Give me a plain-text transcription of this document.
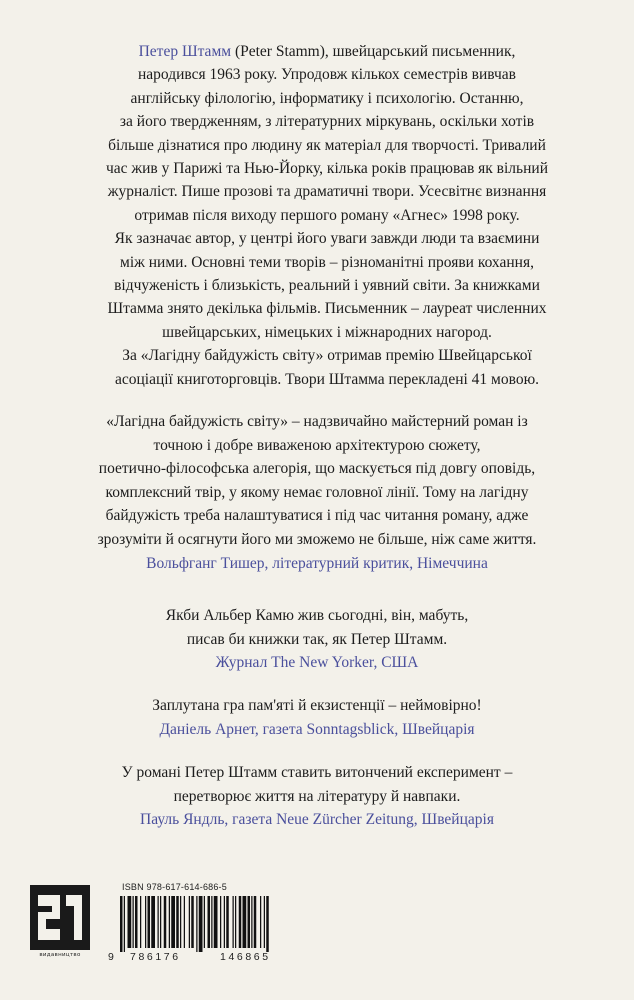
Петер Штамм (Peter Stamm), швейцарський письменник,
народився 1963 року. Упродовж кількох семестрів вивчав
англійську філологію, інформатику і психологію. Останню,
за його твердженням, з літературних міркувань, оскільки хотів
більше дізнатися про людину як матеріал для творчості. Тривалий
час жив у Парижі та Нью-Йорку, кілька років працював як вільний
журналіст. Пише прозові та драматичні твори. Усесвітнє визнання
отримав після виходу першого роману «Агнес» 1998 року.
Як зазначає автор, у центрі його уваги завжди люди та взаємини
між ними. Основні теми творів – різноманітні прояви кохання,
відчуженість і близькість, реальний і уявний світи. За книжками
Штамма знято декілька фільмів. Письменник – лауреат численних
швейцарських, німецьких і міжнародних нагород.
За «Лагідну байдужість світу» отримав премію Швейцарської
асоціації книготорговців. Твори Штамма перекладені 41 мовою.
«Лагідна байдужість світу» – надзвичайно майстерний роман із
точною і добре виваженою архітектурою сюжету,
поетично-філософська алегорія, що маскується під довгу оповідь,
комплексний твір, у якому немає головної лінії. Тому на лагідну
байдужість треба налаштуватися і під час читання роману, адже
зрозуміти й осягнути його ми зможемо не більше, ніж саме життя.
Вольфганг Тишер, літературний критик, Німеччина
Якби Альбер Камю жив сьогодні, він, мабуть,
писав би книжки так, як Петер Штамм.
Журнал The New Yorker, США
Заплутана гра пам'яті й екзистенції – неймовірно!
Даніель Арнет, газета Sonntagsblick, Швейцарія
У романі Петер Штамм ставить витончений експеримент –
перетворює життя на літературу й навпаки.
Пауль Яндль, газета Neue Zürcher Zeitung, Швейцарія
видавництво
ISBN 978-617-614-686-5
9 786176	146865
